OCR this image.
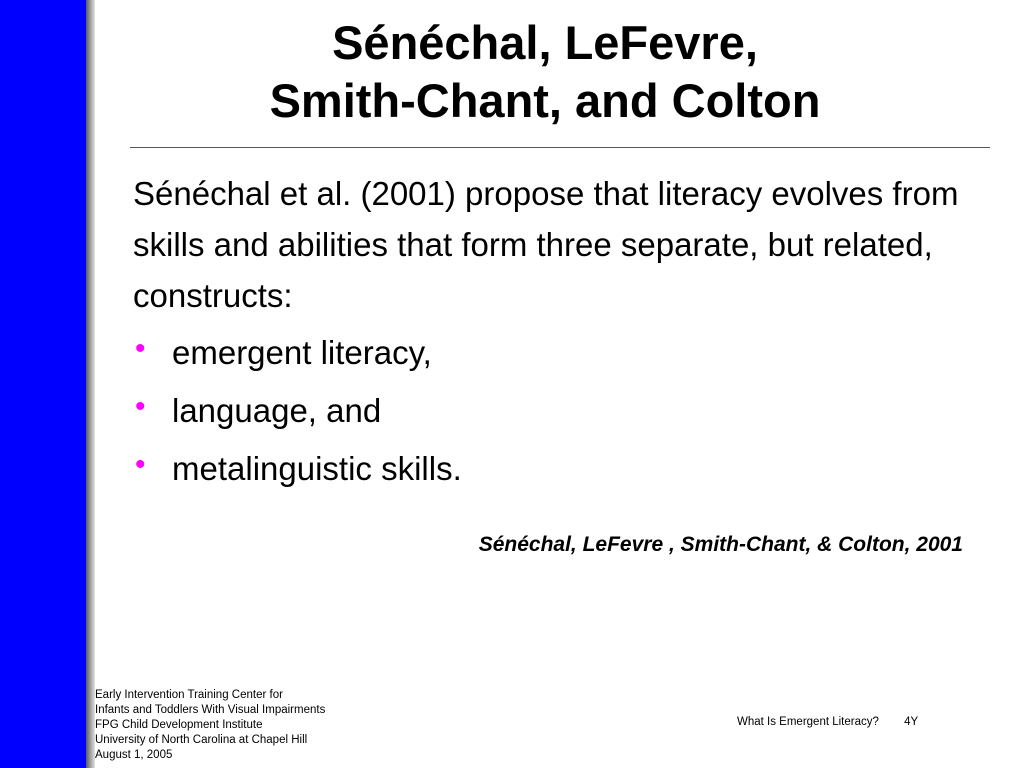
Sénéchal, LeFevre,
Smith-Chant, and Colton

Sénéchal et al. (2001) propose that literacy evolves from skills and abilities that form three separate, but related, constructs:

• emergent literacy,
• language, and
• metalinguistic skills.

Sénéchal, LeFevre , Smith-Chant, & Colton, 2001

Early Intervention Training Center for
Infants and Toddlers With Visual Impairments
FPG Child Development Institute
University of North Carolina at Chapel Hill
August 1, 2005
What Is Emergent Literacy? 4Y
